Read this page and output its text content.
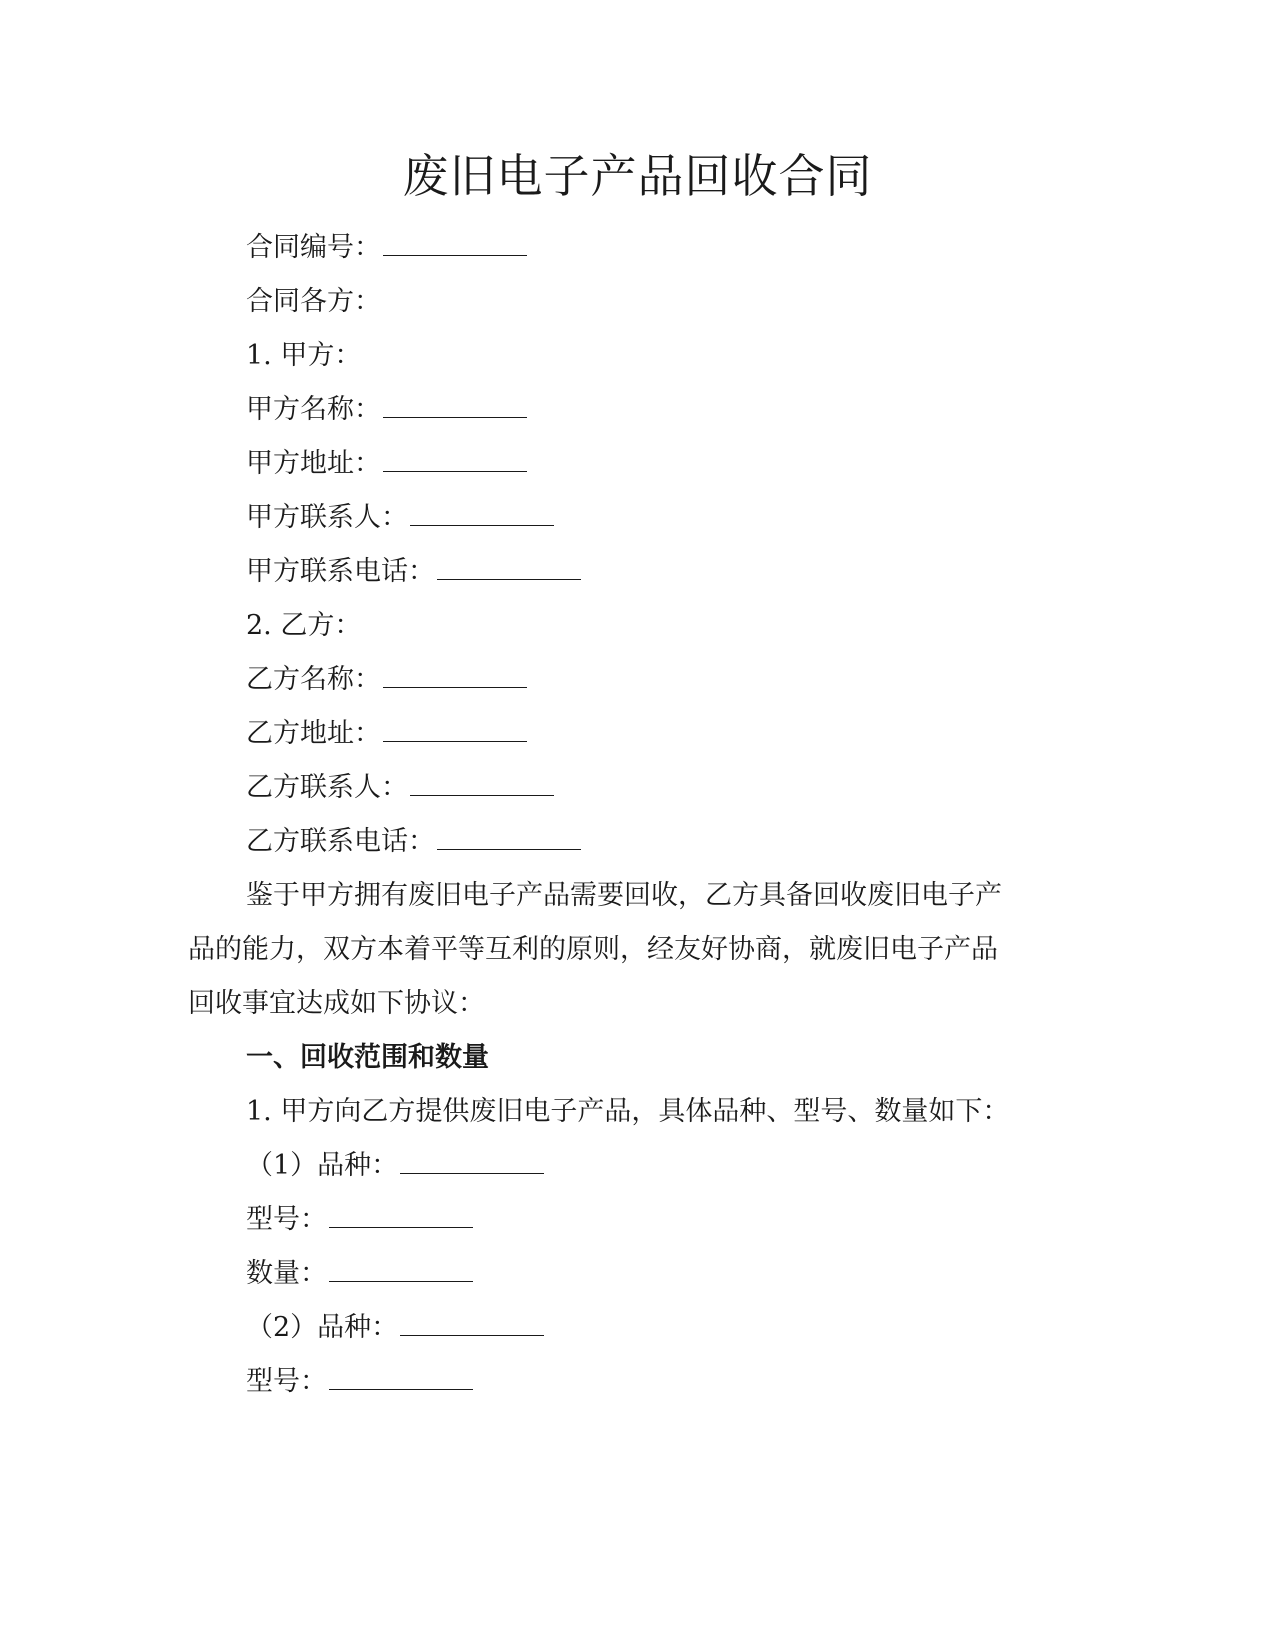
废旧电子产品回收合同
合同编号：
合同各方：
1. 甲方：
甲方名称：
甲方地址：
甲方联系人：
甲方联系电话：
2. 乙方：
乙方名称：
乙方地址：
乙方联系人：
乙方联系电话：
鉴于甲方拥有废旧电子产品需要回收，乙方具备回收废旧电子产
品的能力，双方本着平等互利的原则，经友好协商，就废旧电子产品
回收事宜达成如下协议：
一、回收范围和数量
1. 甲方向乙方提供废旧电子产品，具体品种、型号、数量如下：
（1）品种：
型号：
数量：
（2）品种：
型号：
